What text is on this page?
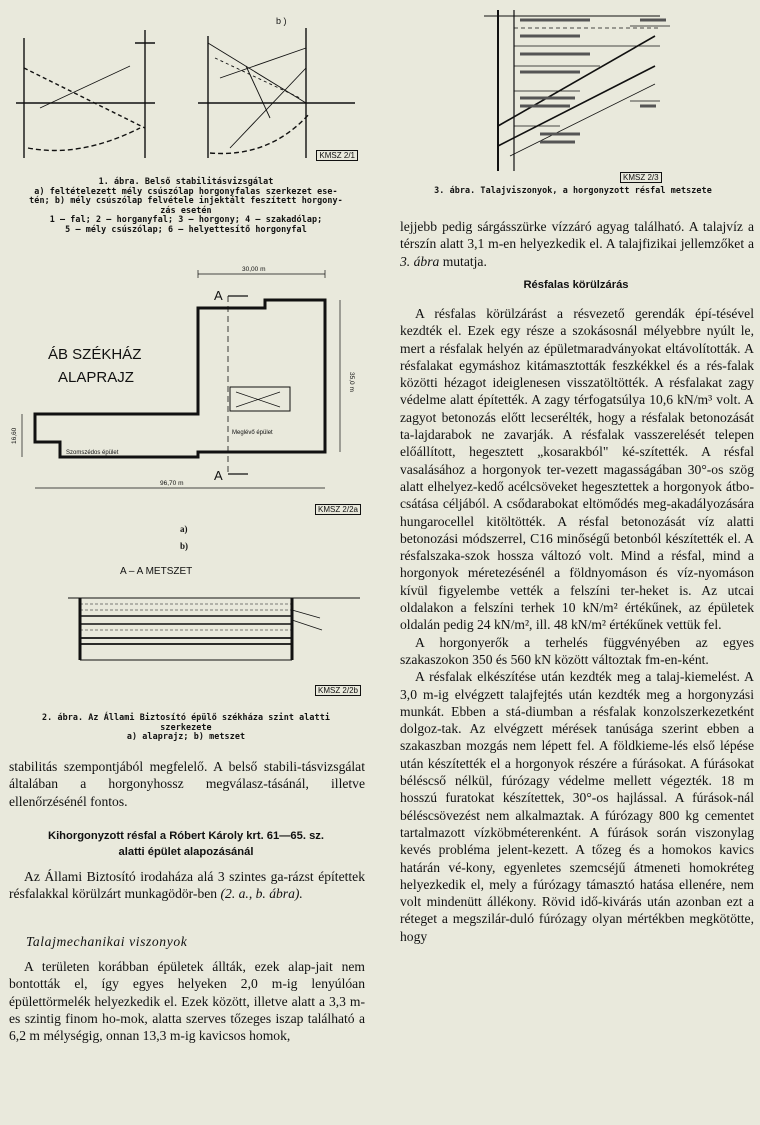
b )
KMSZ 2/1
1. ábra. Belső stabilitásvizsgálat
a) feltételezett mély csúszólap horgonyfalas szerkezet ese-
tén; b) mély csúszólap felvétele injektált feszített horgony-
zás esetén
1 — fal; 2 — horganyfal; 3 — horgony; 4 — szakadólap;
5 — mély csúszólap; 6 — helyettesítő horgonyfal
ÁB SZÉKHÁZ
ALAPRAJZ
A
A
30,00 m
35,0 m
16,60
96,70 m
Meglévő épület
Szomszédos épület
KMSZ 2/2a
a)
b)
A – A METSZET
KMSZ 2/2b
2. ábra. Az Állami Biztosító épülő székháza szint alatti
szerkezete
a) alaprajz; b) metszet
KMSZ 2/3
3. ábra. Talajviszonyok, a horgonyzott résfal metszete

stabilitás szempontjából megfelelő. A belső stabili-tásvizsgálat általában a horgonyhossz megválasz-tásánál, illetve ellenőrzésénél fontos.

Kihorgonyzott résfal a Róbert Károly krt. 61—65. sz.
alatti épület alapozásánál

Az Állami Biztosító irodaháza alá 3 szintes ga-rázst építettek résfalakkal körülzárt munkagödör-ben (2. a., b. ábra).

Talajmechanikai viszonyok

A területen korábban épületek állták, ezek alap-jait nem bontották el, így egyes helyeken 2,0 m-ig lenyúlóan épülettörmelék helyezkedik el. Ezek között, illetve alatt a 3,3 m-es szintig finom ho-mok, alatta szerves tőzeges iszap található a 6,2 m mélységig, onnan 13,3 m-ig kavicsos homok,

lejjebb pedig sárgásszürke vízzáró agyag található. A talajvíz a térszín alatt 3,1 m-en helyezkedik el. A talajfizikai jellemzőket a 3. ábra mutatja.

Résfalas körülzárás

A résfalas körülzárást a résvezető gerendák épí-tésével kezdték el. Ezek egy része a szokásosnál mélyebbre nyúlt le, mert a résfalak helyén az épületmaradványokat eltávolították. A résfalakat egymáshoz kitámasztották feszkékkel és a rés-falak közötti hézagot ideiglenesen visszatöltötték. A résfalakat zagy védelme alatt építették. A zagy térfogatsúlya 10,6 kN/m³ volt. A zagyot betonozás előtt lecserélték, hogy a résfalak betonozását ta-lajdarabok ne zavarják. A résfalak vasszerelését telepen előállított, hegesztett „kosarakból" ké-szítették. A résfal vasalásához a horgonyok ter-vezett magasságában 30°-os szög alatt elhelyez-kedő acélcsöveket hegesztettek a horgonyok átbo-csátása céljából. A csődarabokat eltömődés meg-akadályozására hungarocellel kitöltötték. A résfal betonozását víz alatti betonozási módszerrel, C16 minőségű betonból készítették el. A résfalszaka-szok hossza változó volt. Mind a résfal, mind a horgonyok méretezésénél a földnyomáson és víz-nyomáson kívül figyelembe vették a felszíni ter-heket is. Az utcai oldalakon a felszíni terhek 10 kN/m² értékűnek, az épületek oldalán pedig 24 kN/m², ill. 48 kN/m² értékűnek vettük fel.

A horgonyerők a terhelés függvényében az egyes szakaszokon 350 és 560 kN között változtak fm-en-ként.

A résfalak elkészítése után kezdték meg a talaj-kiemelést. A 3,0 m-ig elvégzett talajfejtés után kezdték meg a horgonyzási munkát. Ebben a stá-diumban a résfalak konzolszerkezetként dolgoz-tak. Az elvégzett mérések tanúsága szerint ebben a szakaszban mozgás nem lépett fel. A földkieme-lés első lépése után készítették el a horgonyok részére a fúrásokat. A fúrásokat béléscső nélkül, fúrózagy védelme mellett végezték. 18 m hosszú furatokat készítettek, 30°-os hajlással. A fúrások-nál béléscsövezést nem alkalmaztak. A fúrózagy 800 kg cementet tartalmazott vízköbméterenként. A fúrások során viszonylag kevés probléma jelent-kezett. A tőzeg és a homokos kavics határán vé-kony, egyenletes szemcséjű átmeneti homokréteg helyezkedik el, mely a fúrózagy támasztó hatása ellenére, nem volt mindenütt állékony. Rövid idő-kivárás után azonban ezt a réteget a megszilár-duló fúrózagy olyan mértékben megkötötte, hogy
